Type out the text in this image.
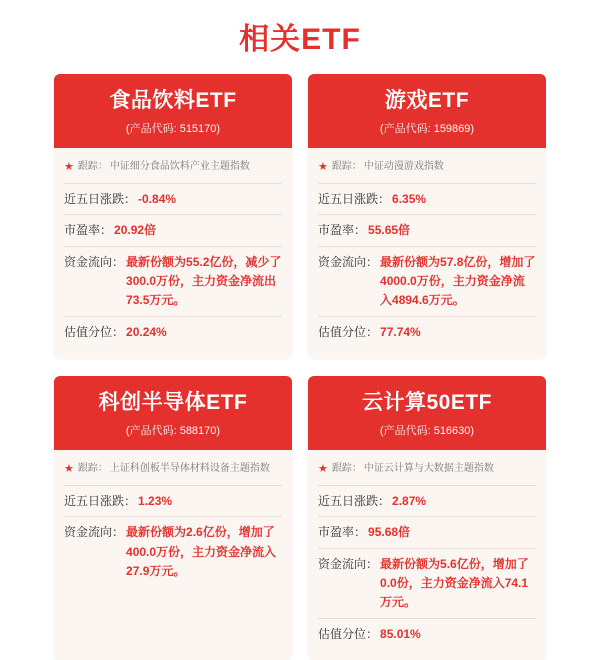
相关ETF
食品饮料ETF
(产品代码: 515170)
★ 跟踪： 中证细分食品饮料产业主题指数
近五日涨跌： -0.84%
市盈率： 20.92倍
资金流向： 最新份额为55.2亿份，减少了300.0万份，主力资金净流出73.5万元。
估值分位： 20.24%
游戏ETF
(产品代码: 159869)
★ 跟踪： 中证动漫游戏指数
近五日涨跌： 6.35%
市盈率： 55.65倍
资金流向： 最新份额为57.8亿份，增加了4000.0万份，主力资金净流入4894.6万元。
估值分位： 77.74%
科创半导体ETF
(产品代码: 588170)
★ 跟踪： 上证科创板半导体材料设备主题指数
近五日涨跌： 1.23%
资金流向： 最新份额为2.6亿份，增加了400.0万份，主力资金净流入27.9万元。
云计算50ETF
(产品代码: 516630)
★ 跟踪： 中证云计算与大数据主题指数
近五日涨跌： 2.87%
市盈率： 95.68倍
资金流向： 最新份额为5.6亿份，增加了0.0份，主力资金净流入74.1万元。
估值分位： 85.01%
